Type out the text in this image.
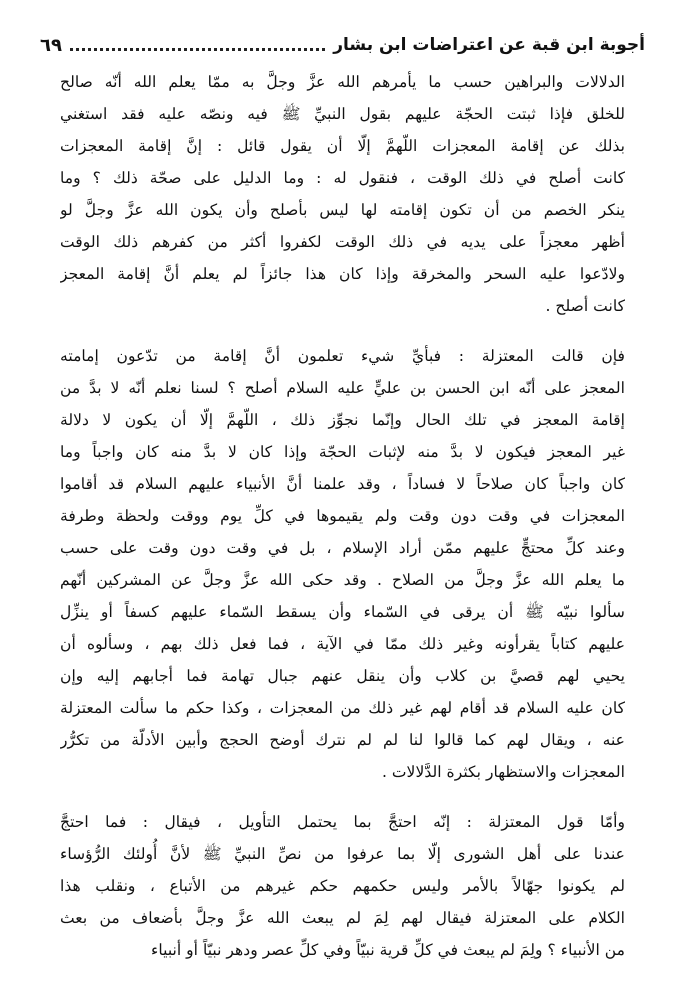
أجوبة ابن قبة عن اعتراضات ابن بشار
٦٩
الدلالات والبراهين حسب ما يأمرهم الله عزَّ وجلَّ به ممّا يعلم الله أنّه صالح
للخلق فإذا ثبتت الحجّة عليهم بقول النبيِّ ﷺ فيه ونصّه عليه فقد استغني
بذلك عن إقامة المعجزات اللّهمَّ إلّا أن يقول قائل : إنَّ إقامة المعجزات
كانت أصلح في ذلك الوقت ، فنقول له : وما الدليل على صحّة ذلك ؟ وما
ينكر الخصم من أن تكون إقامته لها ليس بأصلح وأن يكون الله عزَّ وجلَّ لو
أظهر معجزاً على يديه في ذلك الوقت لكفروا أكثر من كفرهم ذلك الوقت
ولادّعوا عليه السحر والمخرقة وإذا كان هذا جائزاً لم يعلم أنَّ إقامة المعجز
كانت أصلح .
فإن قالت المعتزلة : فبأيِّ شيء تعلمون أنَّ إقامة من تدّعون إمامته
المعجز على أنّه ابن الحسن بن عليٍّ عليه السلام أصلح ؟ لسنا نعلم أنّه لا بدَّ من
إقامة المعجز في تلك الحال وإنّما نجوِّز ذلك ، اللّهمَّ إلّا أن يكون لا دلالة
غير المعجز فيكون لا بدَّ منه لإثبات الحجّة وإذا كان لا بدَّ منه كان واجباً وما
كان واجباً كان صلاحاً لا فساداً ، وقد علمنا أنَّ الأنبياء عليهم السلام قد أقاموا
المعجزات في وقت دون وقت ولم يقيموها في كلِّ يوم ووقت ولحظة وطرفة
وعند كلِّ محتجٍّ عليهم ممّن أراد الإسلام ، بل في وقت دون وقت على حسب
ما يعلم الله عزَّ وجلَّ من الصلاح . وقد حكى الله عزَّ وجلَّ عن المشركين أنّهم
سألوا نبيّه ﷺ أن يرقى في السّماء وأن يسقط السّماء عليهم كسفاً أو ينزِّل
عليهم كتاباً يقرأونه وغير ذلك ممّا في الآية ، فما فعل ذلك بهم ، وسألوه أن
يحيي لهم قصيَّ بن كلاب وأن ينقل عنهم جبال تهامة فما أجابهم إليه وإن
كان عليه السلام قد أقام لهم غير ذلك من المعجزات ، وكذا حكم ما سألت المعتزلة
عنه ، ويقال لهم كما قالوا لنا لم لم نترك أوضح الحجج وأبين الأدلّة من تكرُّر
المعجزات والاستظهار بكثرة الدَّلالات .
وأمّا قول المعتزلة : إنّه احتجَّ بما يحتمل التأويل ، فيقال : فما احتجَّ
عندنا على أهل الشورى إلّا بما عرفوا من نصِّ النبيِّ ﷺ لأنَّ أُولئك الرُّؤساء
لم يكونوا جهّالاً بالأمر وليس حكمهم حكم غيرهم من الأتباع ، ونقلب هذا
الكلام على المعتزلة فيقال لهم لِمَ لم يبعث الله عزَّ وجلَّ بأضعاف من بعث
من الأنبياء ؟ ولِمَ لم يبعث في كلِّ قرية نبيّاً وفي كلِّ عصر ودهر نبيّاً أو أنبياء
